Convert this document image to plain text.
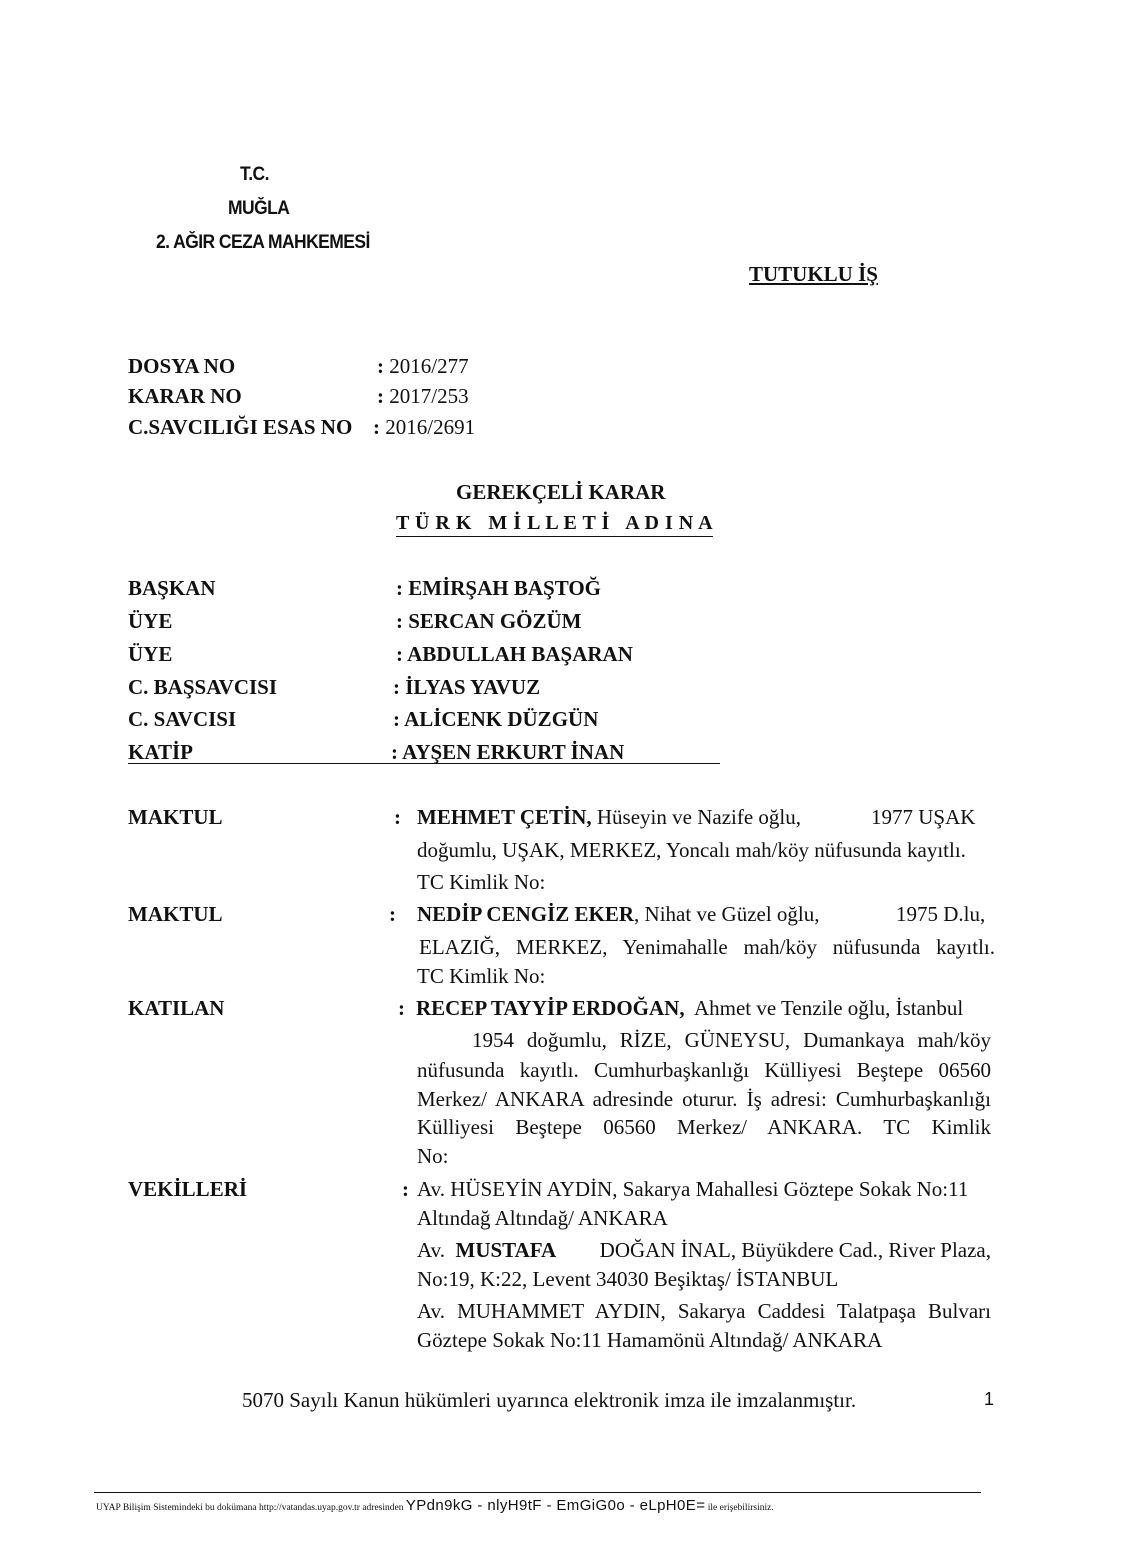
T.C.
MUĞLA
2. AĞIR CEZA MAHKEMESİ
TUTUKLU İŞ
DOSYA NO	: 2016/277
KARAR NO	: 2017/253
C.SAVCILIĞI ESAS NO : 2016/2691
GEREKÇELİ KARAR
T Ü R K   M İ L L E T İ   A D I N A
BAŞKAN	: EMİRŞAH BAŞTOĞ
ÜYE	: SERCAN GÖZÜM
ÜYE	: ABDULLAH BAŞARAN
C. BAŞSAVCISI	: İLYAS YAVUZ
C. SAVCISI	: ALİCENK DÜZGÜN
KATİP	: AYŞEN ERKURT İNAN
MAKTUL	: MEHMET ÇETİN, Hüseyin ve Nazife oğlu,	1977 UŞAK
doğumlu, UŞAK, MERKEZ, Yoncalı mah/köy nüfusunda kayıtlı.
TC Kimlik No:
MAKTUL	: NEDİP CENGİZ EKER, Nihat ve Güzel oğlu,	1975 D.lu,
ELAZIĞ, MERKEZ, Yenimahalle mah/köy nüfusunda kayıtlı.
TC Kimlik No:
KATILAN	: RECEP TAYYİP ERDOĞAN, Ahmet ve Tenzile oğlu, İstanbul
1954 doğumlu, RİZE, GÜNEYSU, Dumankaya mah/köy
nüfusunda kayıtlı. Cumhurbaşkanlığı Külliyesi Beştepe 06560
Merkez/ ANKARA adresinde oturur. İş adresi: Cumhurbaşkanlığı
Külliyesi Beştepe 06560 Merkez/ ANKARA. TC Kimlik
No:
VEKİLLERİ	: Av. HÜSEYİN AYDİN, Sakarya Mahallesi Göztepe Sokak No:11
Altındağ Altındağ/ ANKARA
Av. MUSTAFA DOĞAN İNAL, Büyükdere Cad., River Plaza,
No:19, K:22, Levent 34030 Beşiktaş/ İSTANBUL
Av. MUHAMMET AYDIN, Sakarya Caddesi Talatpaşa Bulvarı
Göztepe Sokak No:11 Hamamönü Altındağ/ ANKARA
5070 Sayılı Kanun hükümleri uyarınca elektronik imza ile imzalanmıştır.	1
UYAP Bilişim Sistemindeki bu dokümana http://vatandas.uyap.gov.tr adresinden YPdn9kG - nlyH9tF - EmGiG0o - eLpH0E= ile erişebilirsiniz.
